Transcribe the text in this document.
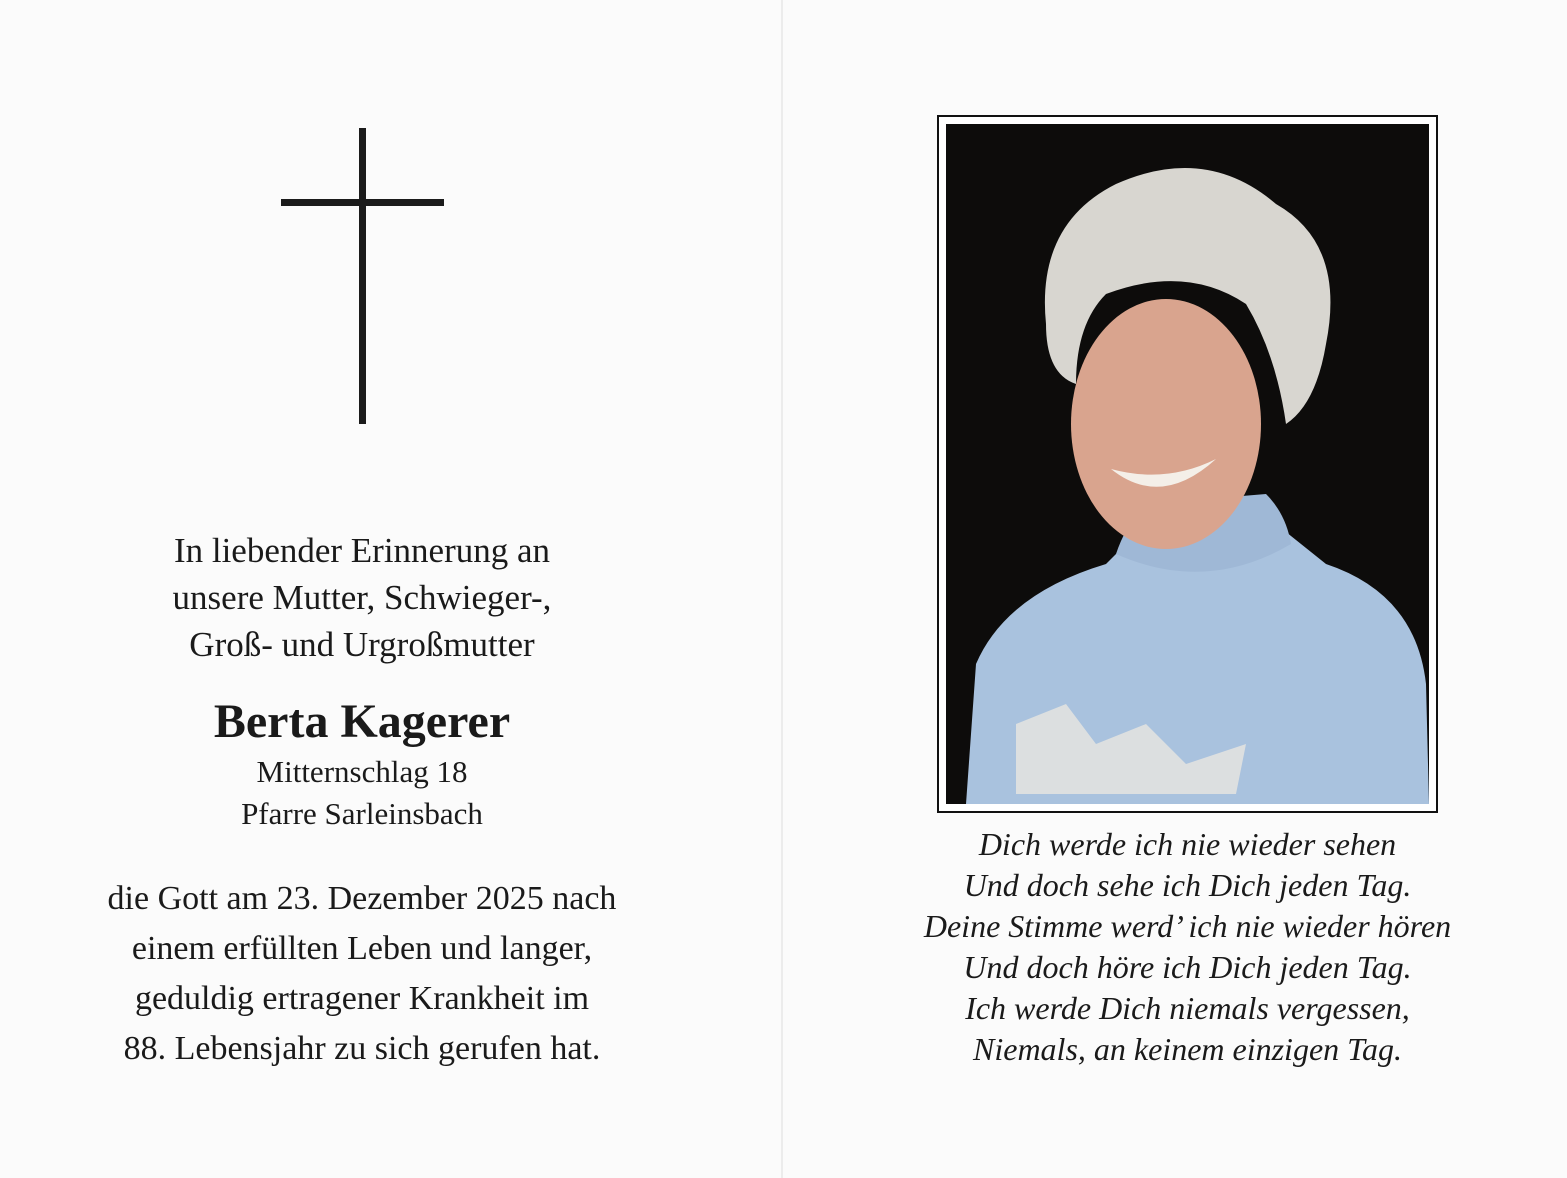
In liebender Erinnerung an
unsere Mutter, Schwieger-,
Groß- und Urgroßmutter
Berta Kagerer
Mitternschlag 18
Pfarre Sarleinsbach
die Gott am 23. Dezember 2025 nach
einem erfüllten Leben und langer,
geduldig ertragener Krankheit im
88. Lebensjahr zu sich gerufen hat.
Dich werde ich nie wieder sehen
Und doch sehe ich Dich jeden Tag.
Deine Stimme werd’ ich nie wieder hören
Und doch höre ich Dich jeden Tag.
Ich werde Dich niemals vergessen,
Niemals, an keinem einzigen Tag.
